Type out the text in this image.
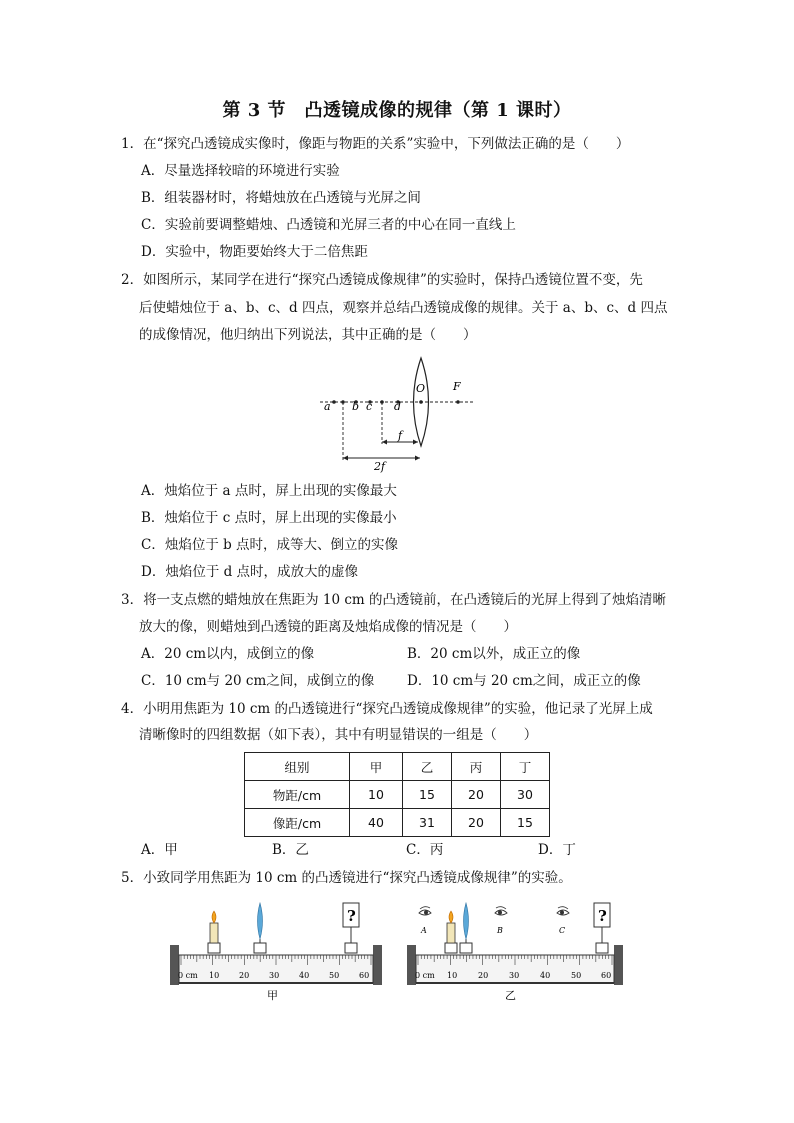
第 3 节　凸透镜成像的规律（第 1 课时）
1．在“探究凸透镜成实像时，像距与物距的关系”实验中，下列做法正确的是（　　）
A．尽量选择较暗的环境进行实验
B．组装器材时，将蜡烛放在凸透镜与光屏之间
C．实验前要调整蜡烛、凸透镜和光屏三者的中心在同一直线上
D．实验中，物距要始终大于二倍焦距
2．如图所示，某同学在进行“探究凸透镜成像规律”的实验时，保持凸透镜位置不变，先
后使蜡烛位于 a、b、c、d 四点，观察并总结凸透镜成像的规律。关于 a、b、c、d 四点
的成像情况，他归纳出下列说法，其中正确的是（　　）
a b c d
O	F
f
2f
A．烛焰位于 a 点时，屏上出现的实像最大
B．烛焰位于 c 点时，屏上出现的实像最小
C．烛焰位于 b 点时，成等大、倒立的实像
D．烛焰位于 d 点时，成放大的虚像
3．将一支点燃的蜡烛放在焦距为 10 cm 的凸透镜前，在凸透镜后的光屏上得到了烛焰清晰
放大的像，则蜡烛到凸透镜的距离及烛焰成像的情况是（　　）
A．20 cm以内，成倒立的像	B．20 cm以外，成正立的像
C．10 cm与 20 cm之间，成倒立的像 D．10 cm与 20 cm之间，成正立的像
4．小明用焦距为 10 cm 的凸透镜进行“探究凸透镜成像规律”的实验，他记录了光屏上成
清晰像时的四组数据（如下表），其中有明显错误的一组是（　　）
组别	甲	乙	丙	丁
物距/cm	10	15	20	30
像距/cm	40	31	20	15
A．甲	B．乙	C．丙	D．丁
5．小致同学用焦距为 10 cm 的凸透镜进行“探究凸透镜成像规律”的实验。
0 cm 10 20 30 40 50 60
?
甲
0 cm 10	20	30	40	50 60
A	B	C
?
乙
